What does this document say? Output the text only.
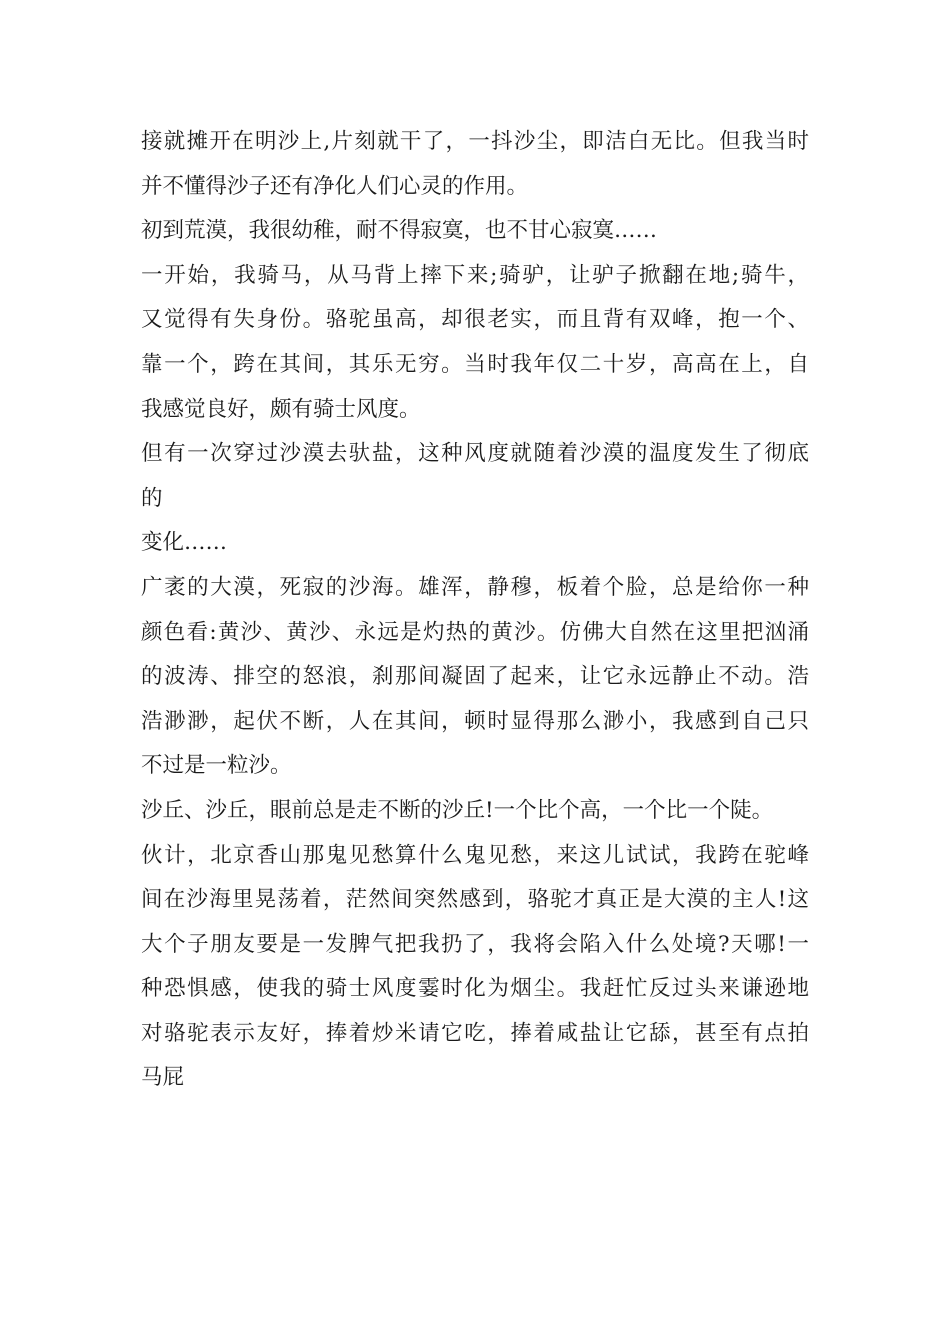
接就摊开在明沙上,片刻就干了，一抖沙尘，即洁白无比。但我当时
并不懂得沙子还有净化人们心灵的作用。
初到荒漠，我很幼稚，耐不得寂寞，也不甘心寂寞……
一开始，我骑马，从马背上摔下来;骑驴，让驴子掀翻在地;骑牛，
又觉得有失身份。骆驼虽高，却很老实，而且背有双峰，抱一个、
靠一个，跨在其间，其乐无穷。当时我年仅二十岁，高高在上，自
我感觉良好，颇有骑士风度。
但有一次穿过沙漠去驮盐，这种风度就随着沙漠的温度发生了彻底
的
变化……
广袤的大漠，死寂的沙海。雄浑，静穆，板着个脸，总是给你一种
颜色看:黄沙、黄沙、永远是灼热的黄沙。仿佛大自然在这里把汹涌
的波涛、排空的怒浪，刹那间凝固了起来，让它永远静止不动。浩
浩渺渺，起伏不断，人在其间，顿时显得那么渺小，我感到自己只
不过是一粒沙。
沙丘、沙丘，眼前总是走不断的沙丘!一个比个高，一个比一个陡。
伙计，北京香山那鬼见愁算什么鬼见愁，来这儿试试，我跨在驼峰
间在沙海里晃荡着，茫然间突然感到，骆驼才真正是大漠的主人!这
大个子朋友要是一发脾气把我扔了，我将会陷入什么处境?天哪!一
种恐惧感，使我的骑士风度霎时化为烟尘。我赶忙反过头来谦逊地
对骆驼表示友好，捧着炒米请它吃，捧着咸盐让它舔，甚至有点拍
马屁
